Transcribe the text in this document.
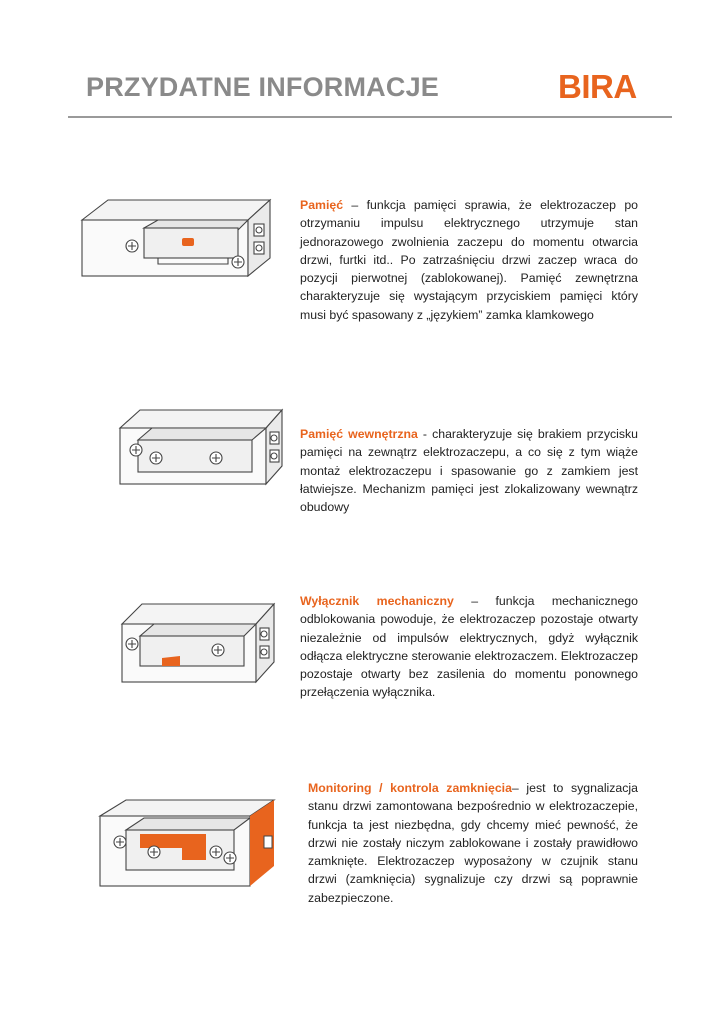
PRZYDATNE INFORMACJE	BIRA
Pamięć – funkcja pamięci sprawia, że elektrozaczep po otrzymaniu impulsu elektrycznego utrzymuje stan jednorazowego zwolnienia zaczepu do momentu otwarcia drzwi, furtki itd.. Po zatrzaśnięciu drzwi zaczep wraca do pozycji pierwotnej (zablokowanej). Pamięć zewnętrzna charakteryzuje się wystającym przyciskiem pamięci który musi być spasowany z „językiem” zamka klamkowego
Pamięć wewnętrzna - charakteryzuje się brakiem przycisku pamięci na zewnątrz elektrozaczepu, a co się z tym wiąże montaż elektrozaczepu i spasowanie go z zamkiem jest łatwiejsze. Mechanizm pamięci jest zlokalizowany wewnątrz obudowy
Wyłącznik mechaniczny – funkcja mechanicznego odblokowania powoduje, że elektrozaczep pozostaje otwarty niezależnie od impulsów elektrycznych, gdyż wyłącznik odłącza elektryczne sterowanie elektrozaczem. Elektrozaczep pozostaje otwarty bez zasilenia do momentu ponownego przełączenia wyłącznika.
Monitoring / kontrola zamknięcia– jest to sygnalizacja stanu drzwi zamontowana bezpośrednio w elektrozaczepie, funkcja ta jest niezbędna, gdy chcemy mieć pewność, że drzwi nie zostały niczym zablokowane i zostały prawidłowo zamknięte. Elektrozaczep wyposażony w czujnik stanu drzwi (zamknięcia) sygnalizuje czy drzwi są poprawnie zabezpieczone.
